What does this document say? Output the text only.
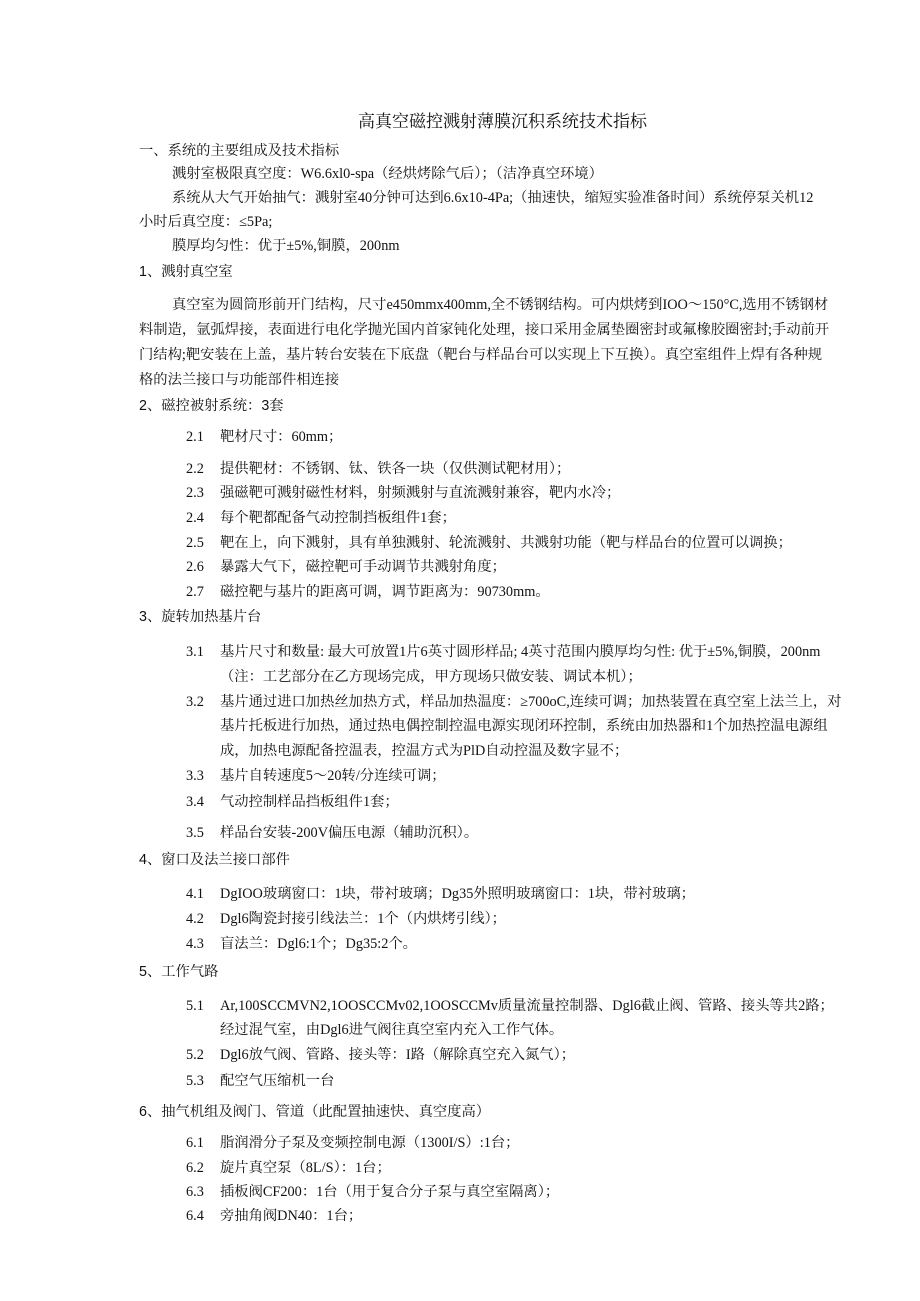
高真空磁控溅射薄膜沉积系统技术指标
一、系统的主要组成及技术指标
溅射室极限真空度：W6.6xl0-spa（经烘烤除气后）；（洁净真空环境）
系统从大气开始抽气：溅射室40分钟可达到6.6x10-4Pa;（抽速快，缩短实验准备时间）系统停泵关机12
小时后真空度：≤5Pa;
膜厚均匀性：优于±5%,铜膜，200nm
1、溅射真空室
真空室为圆筒形前开门结构，尺寸e450mmx400mm,全不锈钢结构。可内烘烤到IOO～150°C,选用不锈钢材
料制造，氩弧焊接，表面进行电化学抛光国内首家钝化处理，接口采用金属垫圈密封或氟橡胶圈密封;手动前开
门结构;靶安装在上盖，基片转台安装在下底盘（靶台与样品台可以实现上下互换）。真空室组件上焊有各种规
格的法兰接口与功能部件相连接
2、磁控被射系统：3套
2.1 靶材尺寸：60mm；
2.2 提供靶材：不锈钢、钛、铁各一块（仅供测试靶材用）；
2.3 强磁靶可溅射磁性材料，射频溅射与直流溅射兼容，靶内水冷；
2.4 每个靶都配备气动控制挡板组件1套；
2.5 靶在上，向下溅射，具有单独溅射、轮流溅射、共溅射功能（靶与样品台的位置可以调换；
2.6 暴露大气下，磁控靶可手动调节共溅射角度；
2.7 磁控靶与基片的距离可调，调节距离为：90730mm。
3、旋转加热基片台
3.1 基片尺寸和数量: 最大可放置1片6英寸圆形样品; 4英寸范围内膜厚均匀性: 优于±5%,铜膜，200nm
（注：工艺部分在乙方现场完成，甲方现场只做安装、调试本机）；
3.2 基片通过进口加热丝加热方式，样品加热温度：≥700oC,连续可调；加热装置在真空室上法兰上，对
基片托板进行加热，通过热电偶控制控温电源实现闭环控制，系统由加热器和1个加热控温电源组
成，加热电源配备控温表，控温方式为PlD自动控温及数字显不；
3.3 基片自转速度5～20转/分连续可调；
3.4 气动控制样品挡板组件1套；
3.5 样品台安装-200V偏压电源（辅助沉积）。
4、窗口及法兰接口部件
4.1 DgIOO玻璃窗口：1块，带衬玻璃；Dg35外照明玻璃窗口：1块，带衬玻璃；
4.2 Dgl6陶瓷封接引线法兰：1个（内烘烤引线）；
4.3 盲法兰：Dgl6:1个；Dg35:2个。
5、工作气路
5.1 Ar,100SCCMVN2,1OOSCCMv02,1OOSCCMv质量流量控制器、Dgl6截止阀、管路、接头等共2路；
经过混气室，由Dgl6进气阀往真空室内充入工作气体。
5.2 Dgl6放气阀、管路、接头等：I路（解除真空充入氮气）；
5.3 配空气压缩机一台
6、抽气机组及阀门、管道（此配置抽速快、真空度高）
6.1 脂润滑分子泵及变频控制电源（1300I/S）:1台；
6.2 旋片真空泵（8L/S）：1台；
6.3 插板阀CF200：1台（用于复合分子泵与真空室隔离）；
6.4 旁抽角阀DN40：1台；
